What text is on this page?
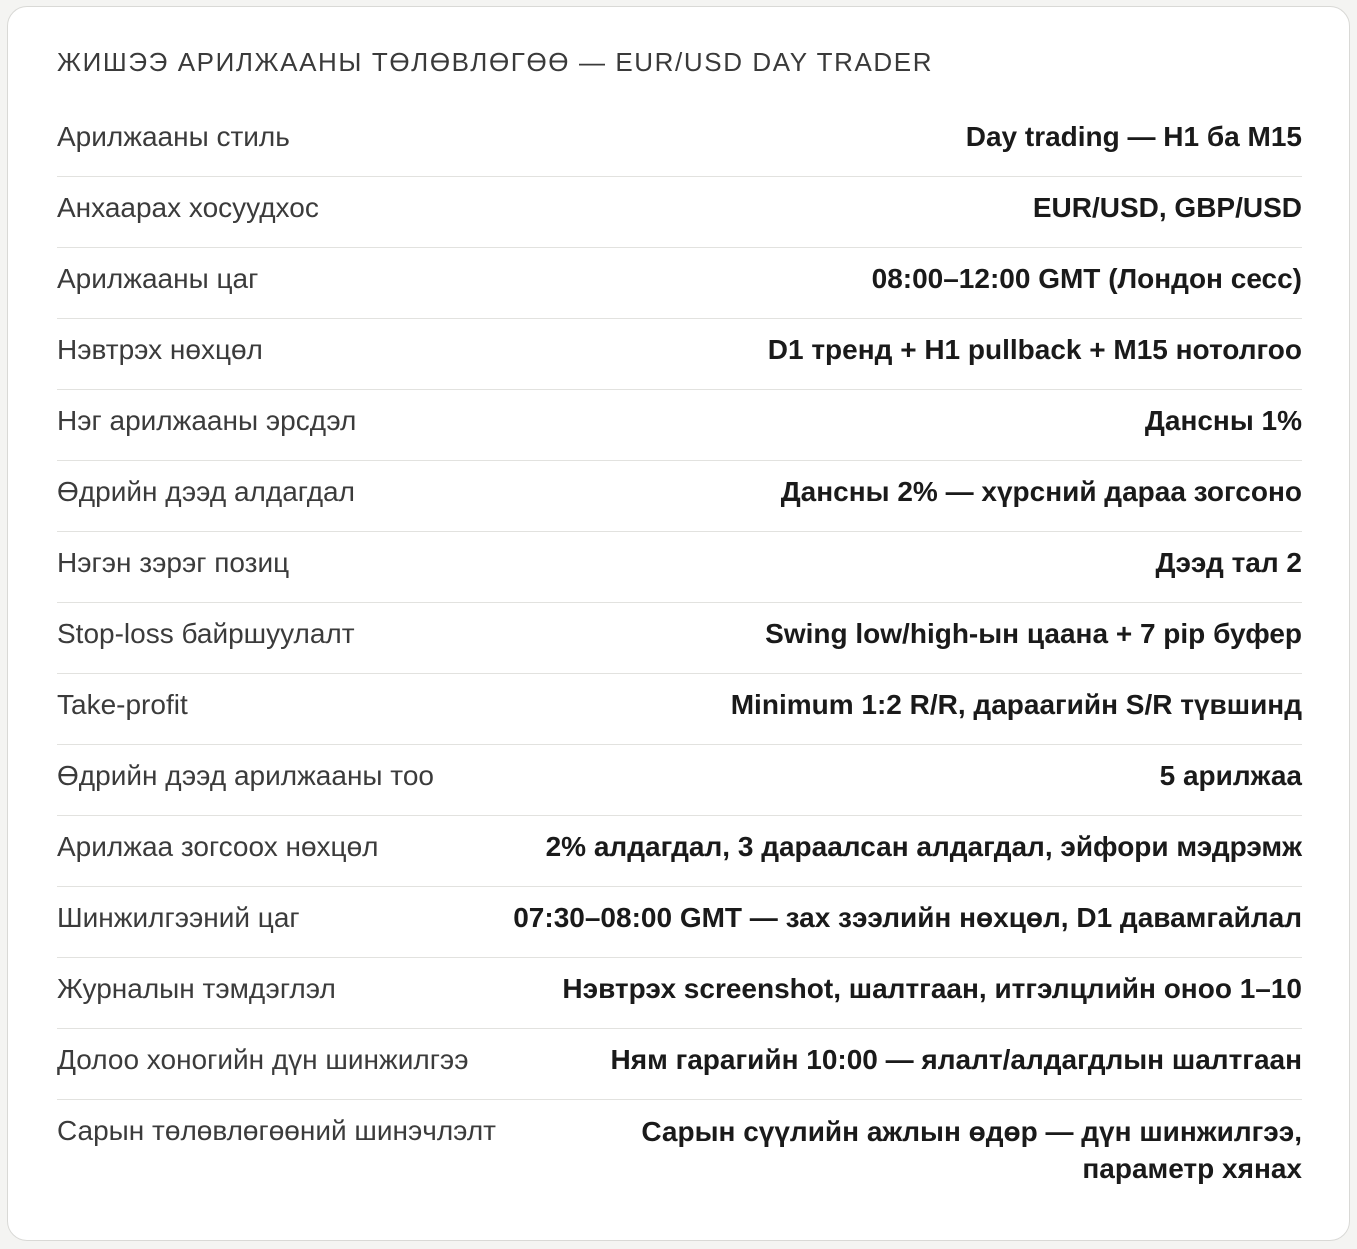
ЖИШЭЭ АРИЛЖААНЫ ТӨЛӨВЛӨГӨӨ — EUR/USD DAY TRADER
Арилжааны стиль	Day trading — H1 ба M15
Анхаарах хосуудхос	EUR/USD, GBP/USD
Арилжааны цаг	08:00–12:00 GMT (Лондон сесс)
Нэвтрэх нөхцөл	D1 тренд + H1 pullback + M15 нотолгоо
Нэг арилжааны эрсдэл	Дансны 1%
Өдрийн дээд алдагдал	Дансны 2% — хүрсний дараа зогсоно
Нэгэн зэрэг позиц	Дээд тал 2
Stop-loss байршуулалт	Swing low/high-ын цаана + 7 pip буфер
Take-profit	Minimum 1:2 R/R, дараагийн S/R түвшинд
Өдрийн дээд арилжааны тоо	5 арилжаа
Арилжаа зогсоох нөхцөл	2% алдагдал, 3 дараалсан алдагдал, эйфори мэдрэмж
Шинжилгээний цаг	07:30–08:00 GMT — зах зээлийн нөхцөл, D1 давамгайлал
Журналын тэмдэглэл	Нэвтрэх screenshot, шалтгаан, итгэлцлийн оноо 1–10
Долоо хоногийн дүн шинжилгээ	Ням гарагийн 10:00 — ялалт/алдагдлын шалтгаан
Сарын төлөвлөгөөний шинэчлэлт	Сарын сүүлийн ажлын өдөр — дүн шинжилгээ, параметр хянах
